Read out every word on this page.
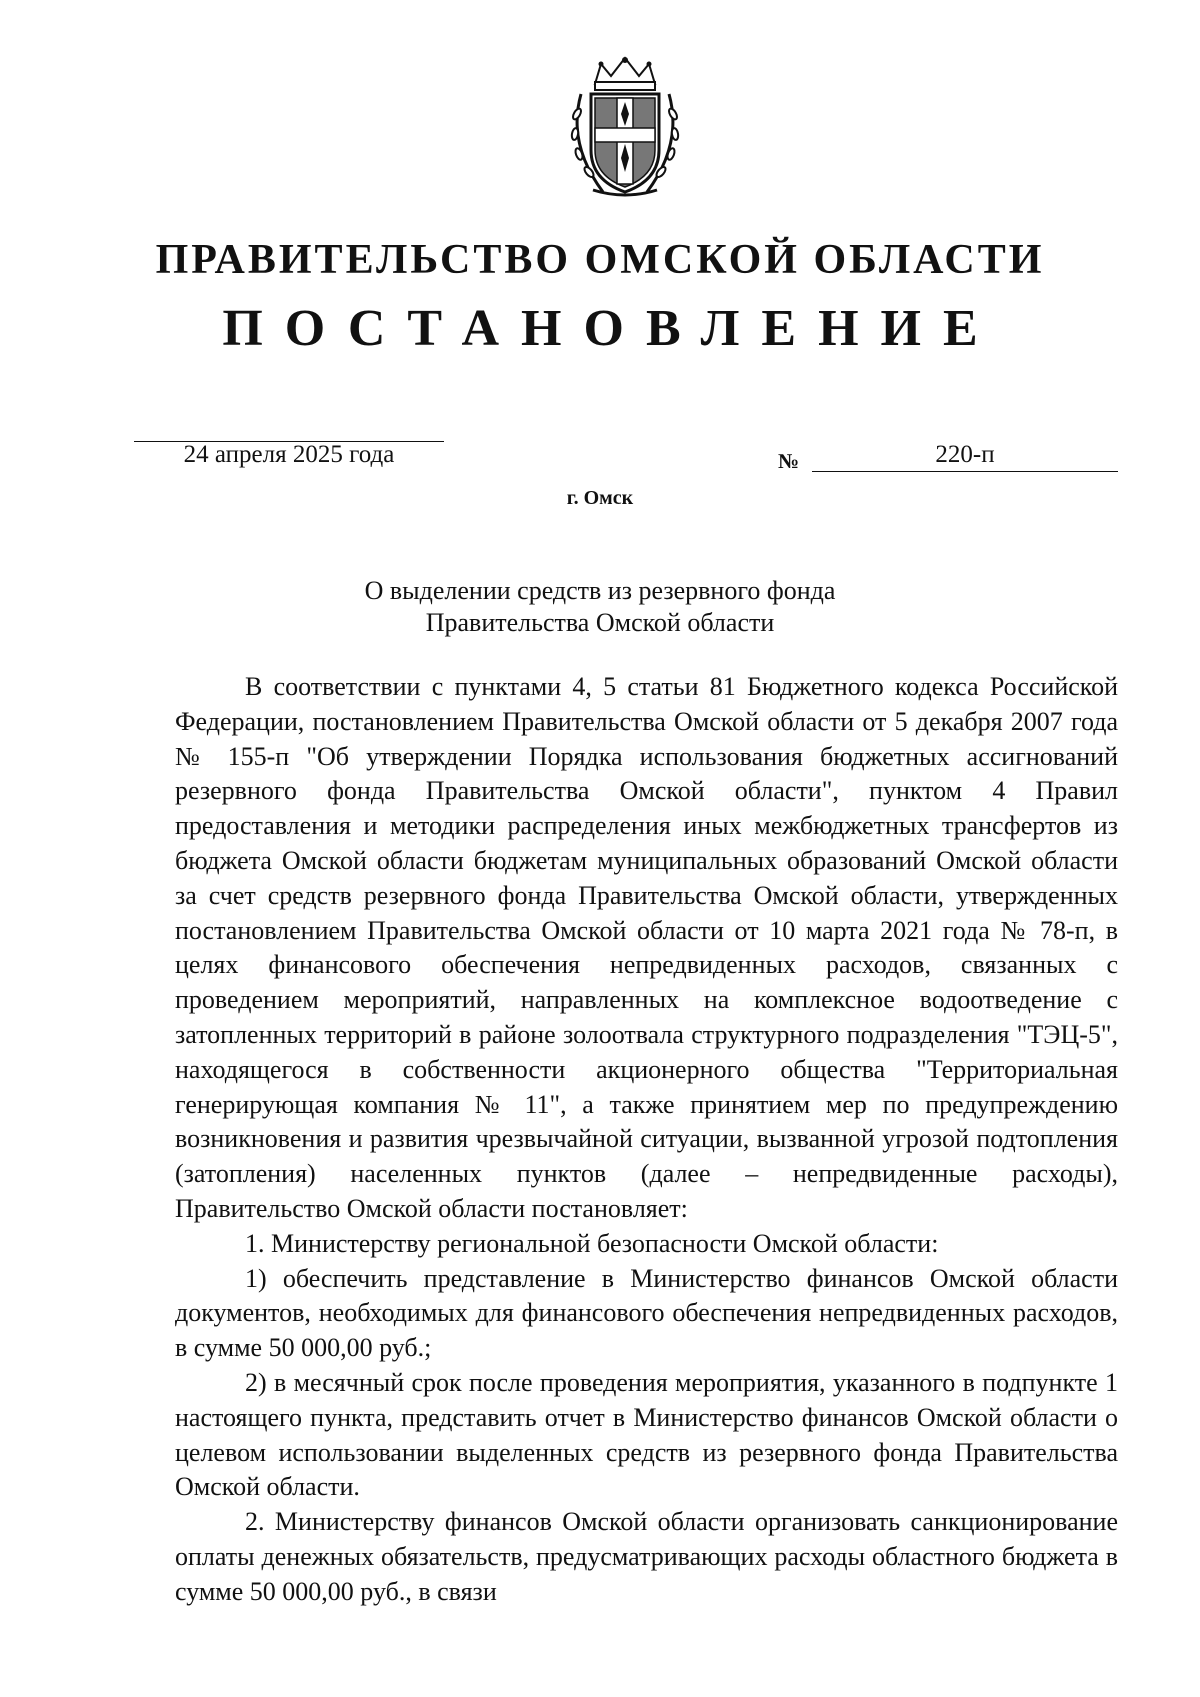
ПРАВИТЕЛЬСТВО ОМСКОЙ ОБЛАСТИ
ПОСТАНОВЛЕНИЕ
24 апреля 2025 года	№	220-п
г. Омск
О выделении средств из резервного фонда
Правительства Омской области

В соответствии с пунктами 4, 5 статьи 81 Бюджетного кодекса Российской Федерации, постановлением Правительства Омской области от 5 декабря 2007 года № 155-п "Об утверждении Порядка использования бюджетных ассигнований резервного фонда Правительства Омской области", пунктом 4 Правил предоставления и методики распределения иных межбюджетных трансфертов из бюджета Омской области бюджетам муниципальных образований Омской области за счет средств резервного фонда Правительства Омской области, утвержденных постановлением Правительства Омской области от 10 марта 2021 года № 78-п, в целях финансового обеспечения непредвиденных расходов, связанных с проведением мероприятий, направленных на комплексное водоотведение с затопленных территорий в районе золоотвала структурного подразделения "ТЭЦ-5", находящегося в собственности акционерного общества "Территориальная генерирующая компания № 11", а также принятием мер по предупреждению возникновения и развития чрезвычайной ситуации, вызванной угрозой подтопления (затопления) населенных пунктов (далее – непредвиденные расходы), Правительство Омской области постановляет:

1. Министерству региональной безопасности Омской области:

1) обеспечить представление в Министерство финансов Омской области документов, необходимых для финансового обеспечения непредвиденных расходов, в сумме 50 000,00 руб.;

2) в месячный срок после проведения мероприятия, указанного в подпункте 1 настоящего пункта, представить отчет в Министерство финансов Омской области о целевом использовании выделенных средств из резервного фонда Правительства Омской области.

2. Министерству финансов Омской области организовать санкционирование оплаты денежных обязательств, предусматривающих расходы областного бюджета в сумме 50 000,00 руб., в связи
